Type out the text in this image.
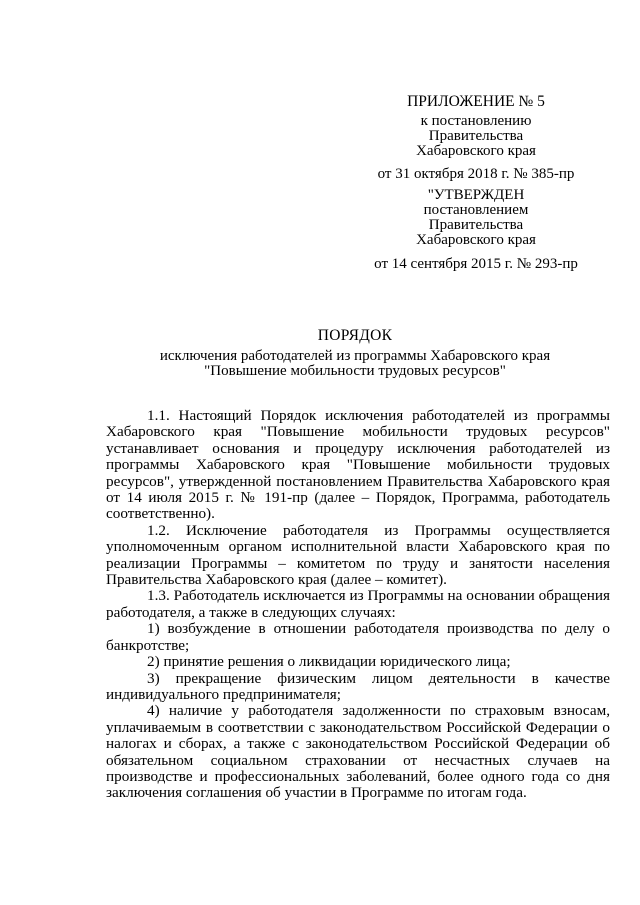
ПРИЛОЖЕНИЕ № 5
к постановлению
Правительства
Хабаровского края
от 31 октября 2018 г. № 385-пр
"УТВЕРЖДЕН
постановлением
Правительства
Хабаровского края
от 14 сентября 2015 г. № 293-пр
ПОРЯДОК
исключения работодателей из программы Хабаровского края
"Повышение мобильности трудовых ресурсов"

1.1. Настоящий Порядок исключения работодателей из программы Хабаровского края "Повышение мобильности трудовых ресурсов" устанавливает основания и процедуру исключения работодателей из программы Хабаровского края "Повышение мобильности трудовых ресурсов", утвержденной постановлением Правительства Хабаровского края от 14 июля 2015 г. № 191-пр (далее – Порядок, Программа, работодатель соответственно).

1.2. Исключение работодателя из Программы осуществляется уполномоченным органом исполнительной власти Хабаровского края по реализации Программы – комитетом по труду и занятости населения Правительства Хабаровского края (далее – комитет).

1.3. Работодатель исключается из Программы на основании обращения работодателя, а также в следующих случаях:

1) возбуждение в отношении работодателя производства по делу о банкротстве;

2) принятие решения о ликвидации юридического лица;

3) прекращение физическим лицом деятельности в качестве индивидуального предпринимателя;

4) наличие у работодателя задолженности по страховым взносам, уплачиваемым в соответствии с законодательством Российской Федерации о налогах и сборах, а также с законодательством Российской Федерации об обязательном социальном страховании от несчастных случаев на производстве и профессиональных заболеваний, более одного года со дня заключения соглашения об участии в Программе по итогам года.
